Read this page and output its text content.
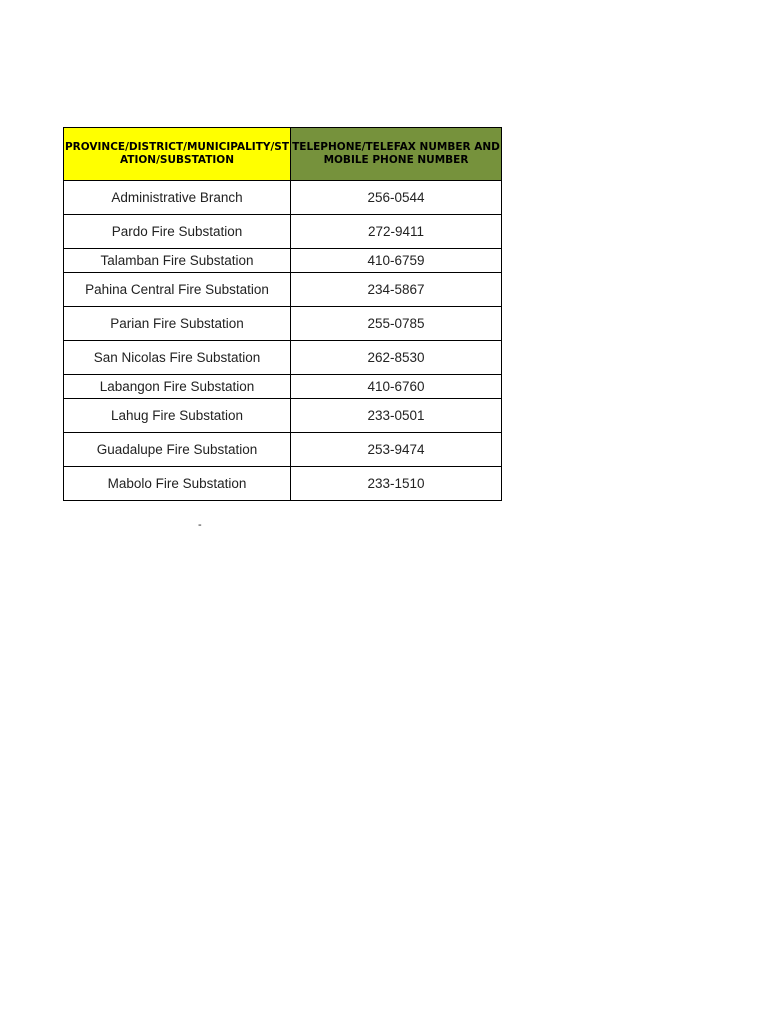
PROVINCE/DISTRICT/MUNICIPALITY/STATION/SUBSTATION	TELEPHONE/TELEFAX NUMBER AND MOBILE PHONE NUMBER
Administrative Branch	256-0544
Pardo Fire Substation	272-9411
Talamban Fire Substation	410-6759
Pahina Central Fire Substation	234-5867
Parian Fire Substation	255-0785
San Nicolas Fire Substation	262-8530
Labangon Fire Substation	410-6760
Lahug Fire Substation	233-0501
Guadalupe Fire Substation	253-9474
Mabolo Fire Substation	233-1510
-
